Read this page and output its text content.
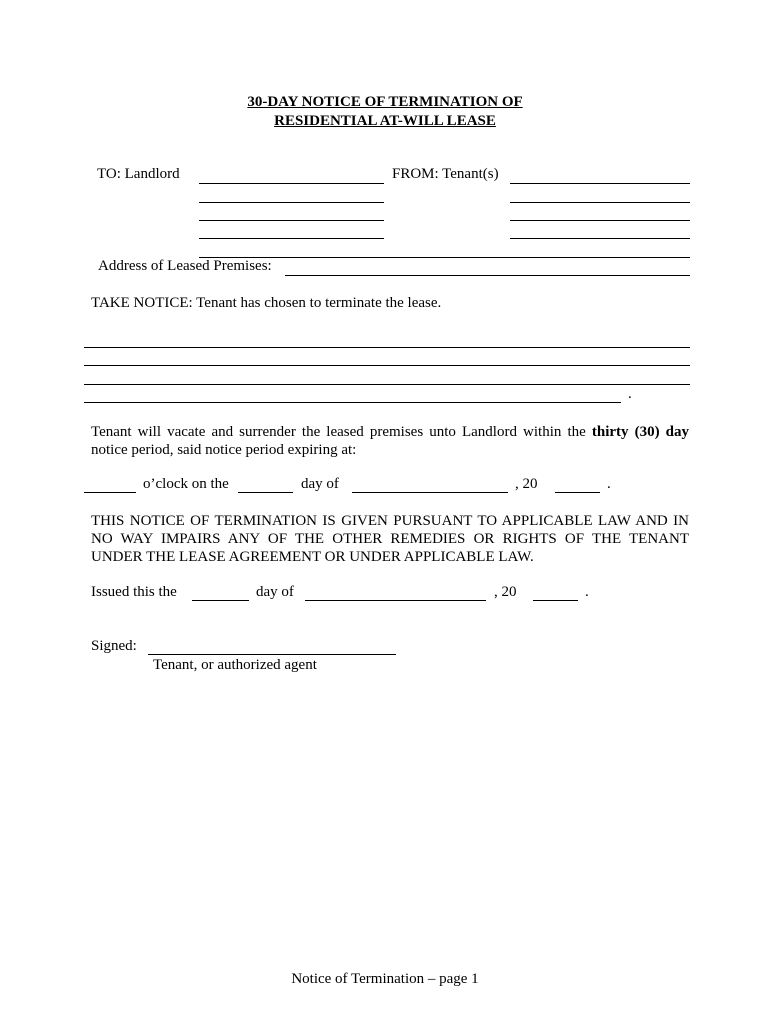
30-DAY NOTICE OF TERMINATION OF
RESIDENTIAL AT-WILL LEASE
TO: Landlord	FROM: Tenant(s)
Address of Leased Premises:
TAKE NOTICE: Tenant has chosen to terminate the lease.
.
Tenant will vacate and surrender the leased premises unto Landlord within the thirty (30) day notice period, said notice period expiring at:
o’clock on the	day of	, 20	.
THIS NOTICE OF TERMINATION IS GIVEN PURSUANT TO APPLICABLE LAW AND IN NO WAY IMPAIRS ANY OF THE OTHER REMEDIES OR RIGHTS OF THE TENANT UNDER THE LEASE AGREEMENT OR UNDER APPLICABLE LAW.
Issued this the	day of	, 20	.
Signed:
Tenant, or authorized agent
Notice of Termination – page 1
